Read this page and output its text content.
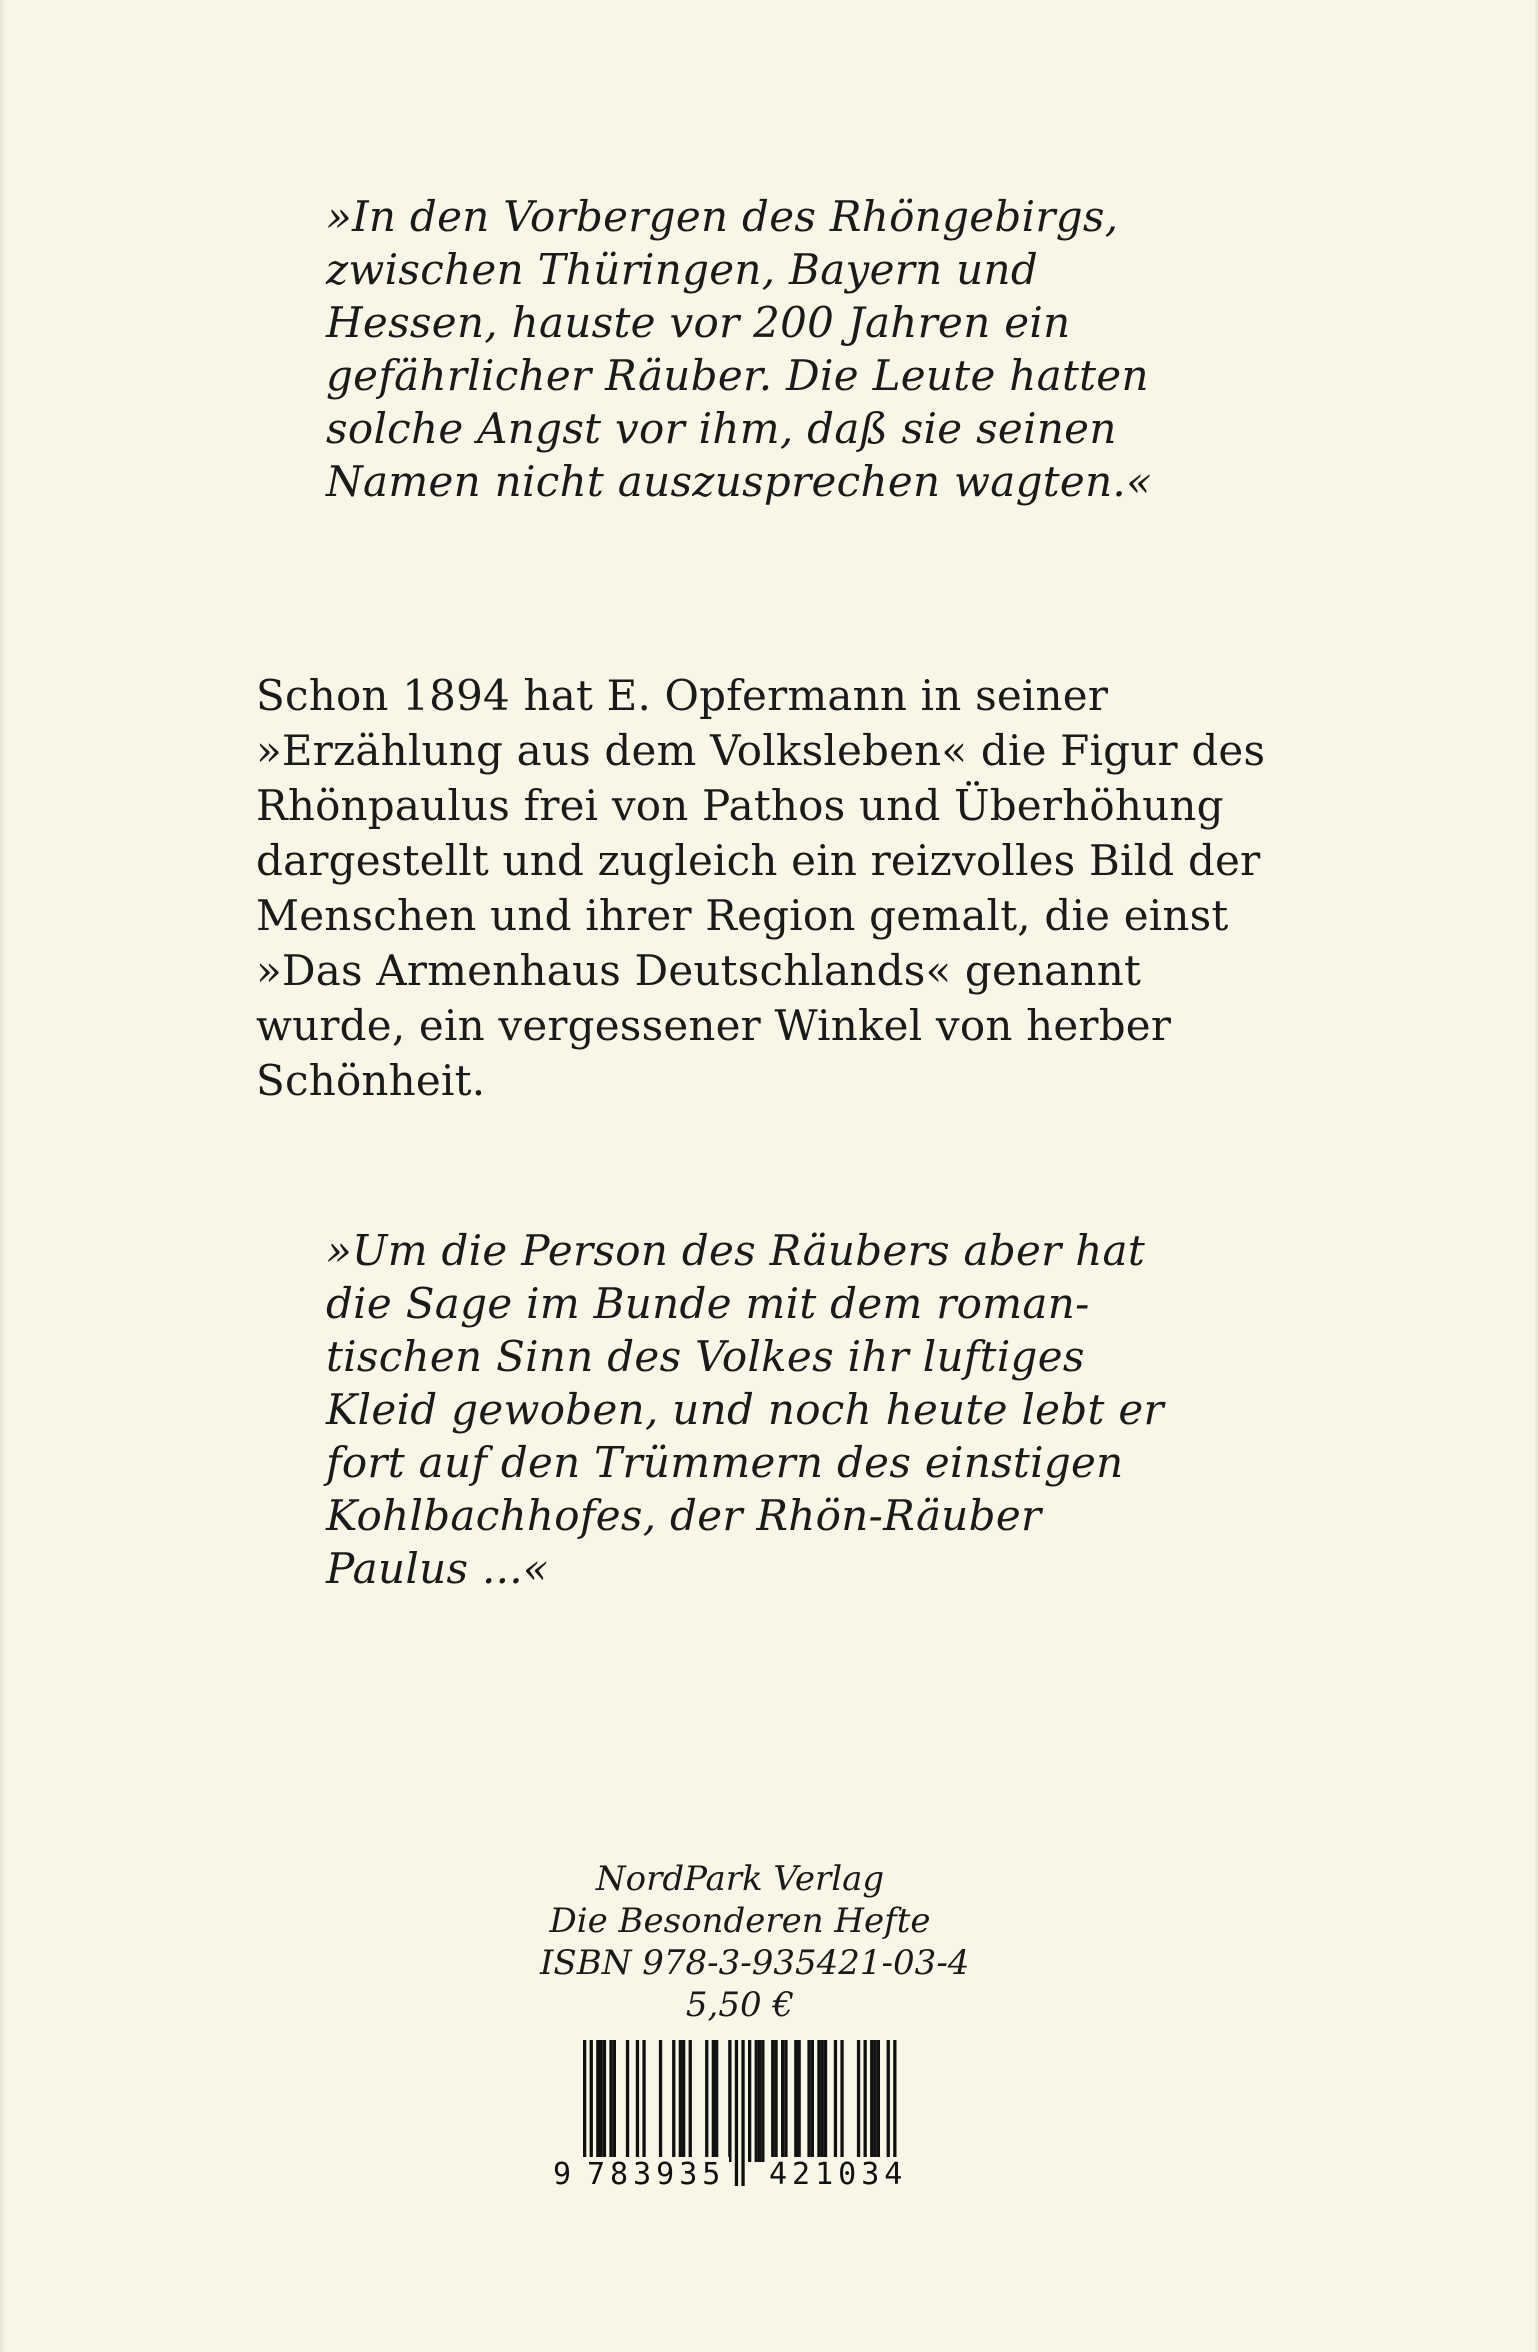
»In den Vorbergen des Rhöngebirgs,
zwischen Thüringen, Bayern und
Hessen, hauste vor 200 Jahren ein
gefährlicher Räuber. Die Leute hatten
solche Angst vor ihm, daß sie seinen
Namen nicht auszusprechen wagten.«
Schon 1894 hat E. Opfermann in seiner
»Erzählung aus dem Volksleben« die Figur des
Rhönpaulus frei von Pathos und Überhöhung
dargestellt und zugleich ein reizvolles Bild der
Menschen und ihrer Region gemalt, die einst
»Das Armenhaus Deutschlands« genannt
wurde, ein vergessener Winkel von herber
Schönheit.
»Um die Person des Räubers aber hat
die Sage im Bunde mit dem roman-
tischen Sinn des Volkes ihr luftiges
Kleid gewoben, und noch heute lebt er
fort auf den Trümmern des einstigen
Kohlbachhofes, der Rhön-Räuber
Paulus ...«
NordPark Verlag
Die Besonderen Hefte
ISBN 978-3-935421-03-4
5,50 €
9 783935 421034
